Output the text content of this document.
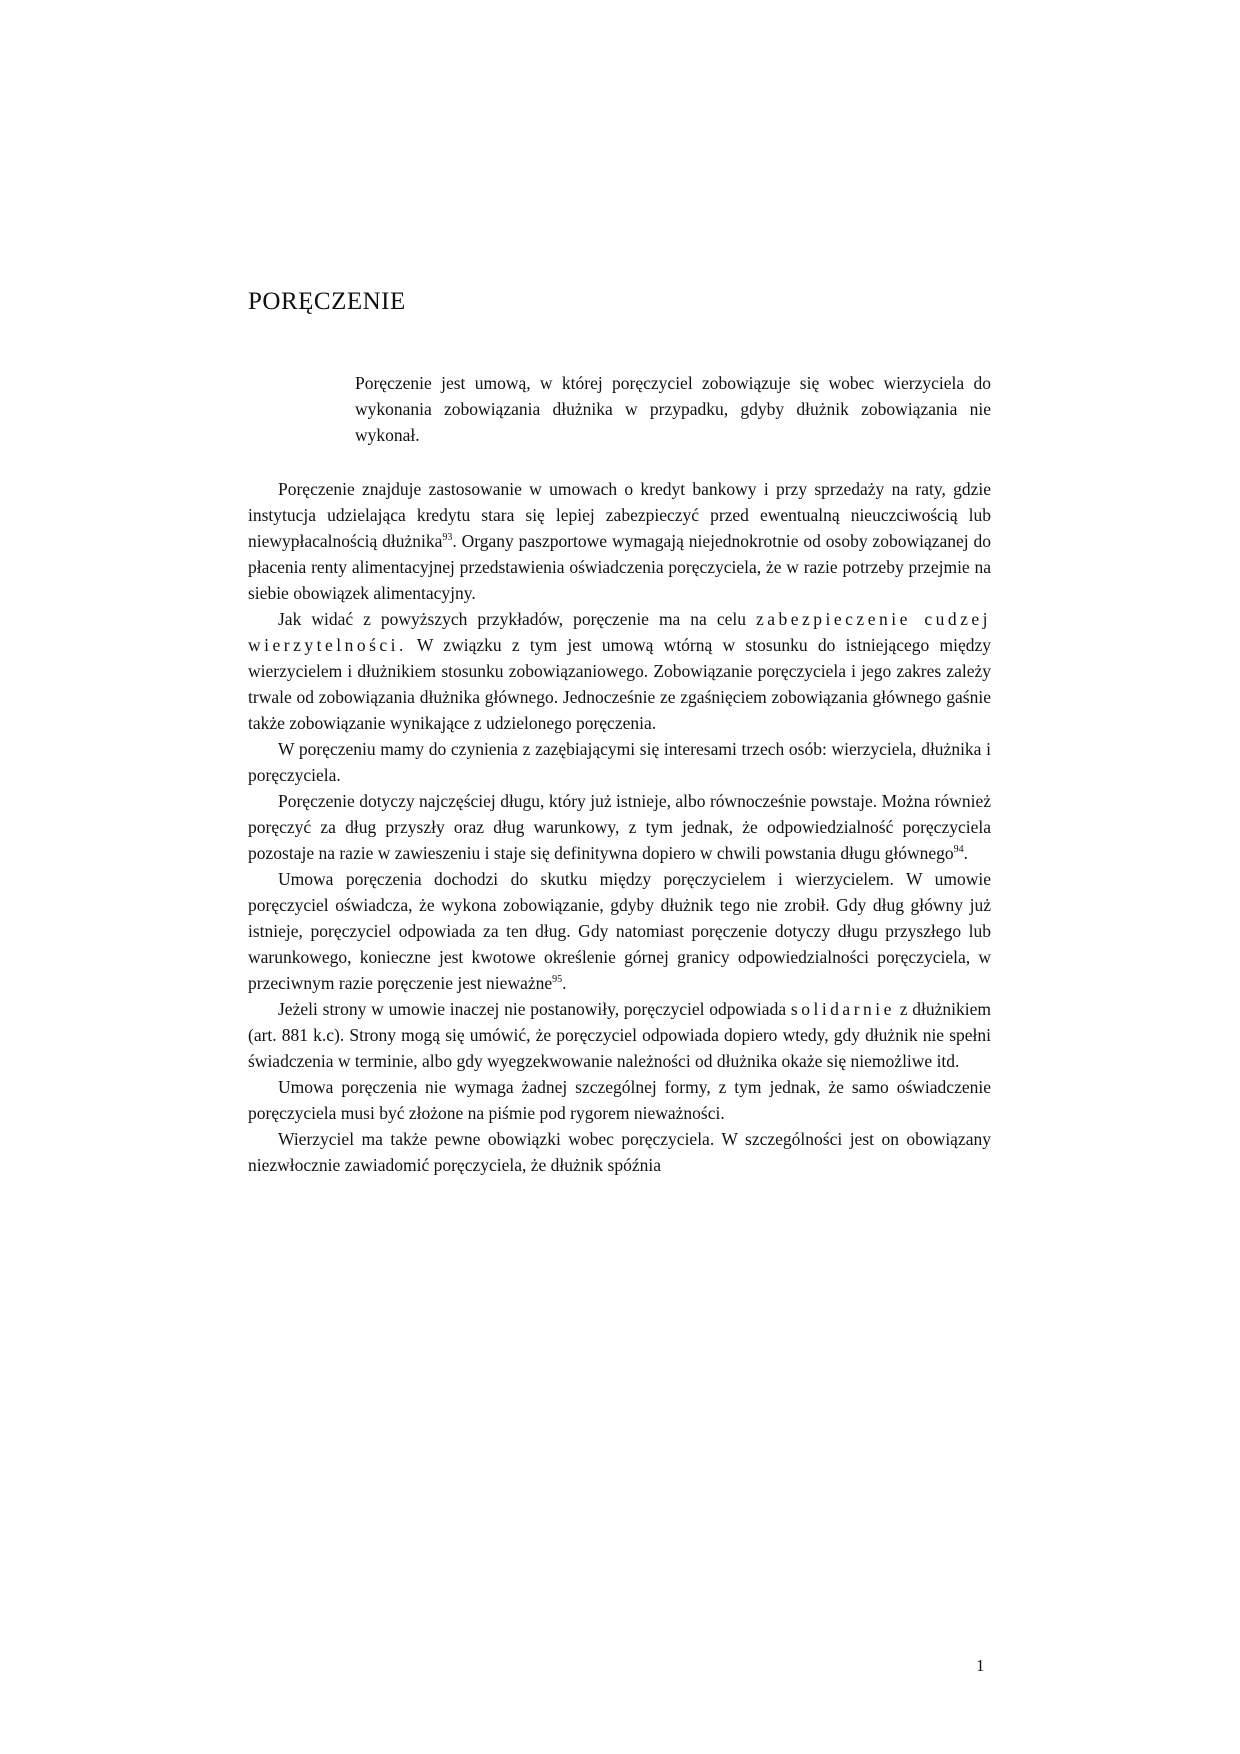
PORĘCZENIE

Poręczenie jest umową, w której poręczyciel zobowiązuje się wobec wierzyciela do wykonania zobowiązania dłużnika w przypadku, gdyby dłużnik zobowiązania nie wykonał.

Poręczenie znajduje zastosowanie w umowach o kredyt bankowy i przy sprzedaży na raty, gdzie instytucja udzielająca kredytu stara się lepiej zabezpieczyć przed ewentualną nieuczciwością lub niewypłacalnością dłużnika$^{93}$. Organy paszportowe wymagają niejednokrotnie od osoby zobowiązanej do płacenia renty alimentacyjnej przedstawienia oświadczenia poręczyciela, że w razie potrzeby przejmie na siebie obowiązek alimentacyjny.

Jak widać z powyższych przykładów, poręczenie ma na celu zabezpieczenie cudzej wierzytelności. W związku z tym jest umową wtórną w stosunku do istniejącego między wierzycielem i dłużnikiem stosunku zobowiązaniowego. Zobowiązanie poręczyciela i jego zakres zależy trwale od zobowiązania dłużnika głównego. Jednocześnie ze zgaśnięciem zobowiązania głównego gaśnie także zobowiązanie wynikające z udzielonego poręczenia.

W poręczeniu mamy do czynienia z zazębiającymi się interesami trzech osób: wierzyciela, dłużnika i poręczyciela.

Poręczenie dotyczy najczęściej długu, który już istnieje, albo równocześnie powstaje. Można również poręczyć za dług przyszły oraz dług warunkowy, z tym jednak, że odpowiedzialność poręczyciela pozostaje na razie w zawieszeniu i staje się definitywna dopiero w chwili powstania długu głównego$^{94}$.

Umowa poręczenia dochodzi do skutku między poręczycielem i wierzycielem. W umowie poręczyciel oświadcza, że wykona zobowiązanie, gdyby dłużnik tego nie zrobił. Gdy dług główny już istnieje, poręczyciel odpowiada za ten dług. Gdy natomiast poręczenie dotyczy długu przyszłego lub warunkowego, konieczne jest kwotowe określenie górnej granicy odpowiedzialności poręczyciela, w przeciwnym razie poręczenie jest nieważne$^{95}$.

Jeżeli strony w umowie inaczej nie postanowiły, poręczyciel odpowiada solidarnie z dłużnikiem (art. 881 k.c). Strony mogą się umówić, że poręczyciel odpowiada dopiero wtedy, gdy dłużnik nie spełni świadczenia w terminie, albo gdy wyegzekwowanie należności od dłużnika okaże się niemożliwe itd.

Umowa poręczenia nie wymaga żadnej szczególnej formy, z tym jednak, że samo oświadczenie poręczyciela musi być złożone na piśmie pod rygorem nieważności.

Wierzyciel ma także pewne obowiązki wobec poręczyciela. W szczególności jest on obowiązany niezwłocznie zawiadomić poręczyciela, że dłużnik spóźnia

1
